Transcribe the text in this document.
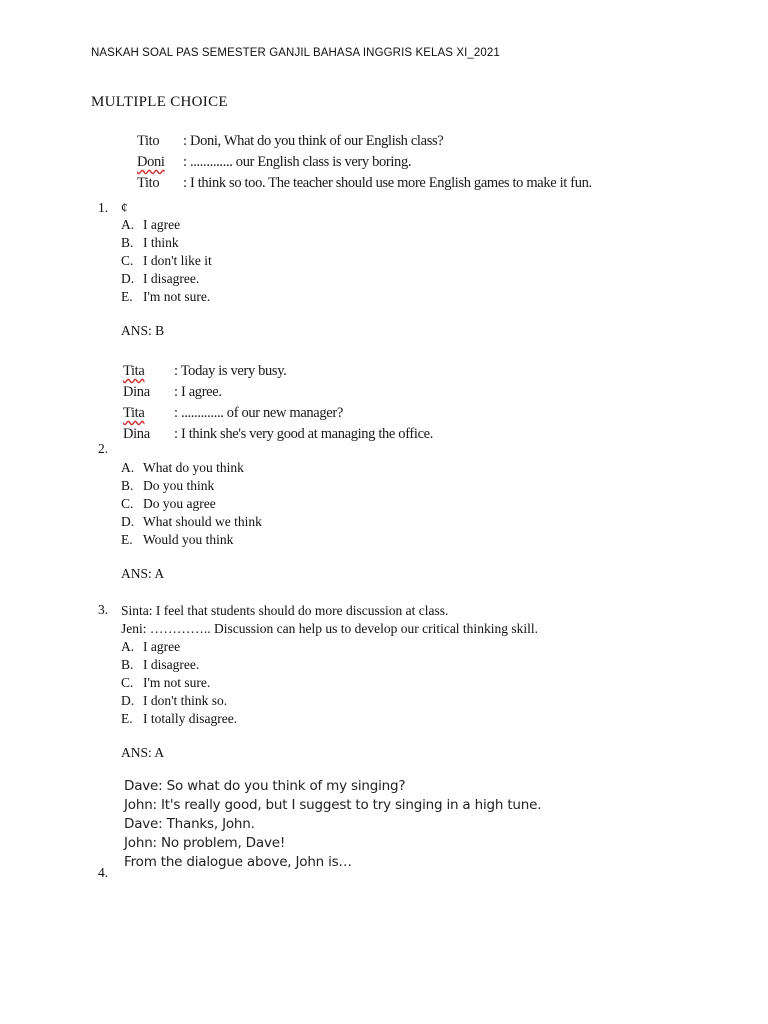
NASKAH SOAL PAS SEMESTER GANJIL BAHASA INGGRIS KELAS XI_2021
MULTIPLE CHOICE
Tito	: Doni, What do you think of our English class?
Doni	: ............. our English class is very boring.
Tito	: I think so too. The teacher should use more English games to make it fun.
1. ¢
A. I agree
B. I think
C. I don't like it
D. I disagree.
E. I'm not sure.
ANS: B
Tita	: Today is very busy.
Dina	: I agree.
Tita	: ............. of our new manager?
Dina	: I think she's very good at managing the office.
2.
A. What do you think
B. Do you think
C. Do you agree
D. What should we think
E. Would you think
ANS: A
3. Sinta: I feel that students should do more discussion at class.
Jeni: ………….. Discussion can help us to develop our critical thinking skill.
A. I agree
B. I disagree.
C. I'm not sure.
D. I don't think so.
E. I totally disagree.
ANS: A
Dave: So what do you think of my singing?
John: It's really good, but I suggest to try singing in a high tune.
Dave: Thanks, John.
John: No problem, Dave!
From the dialogue above, John is…
4.
